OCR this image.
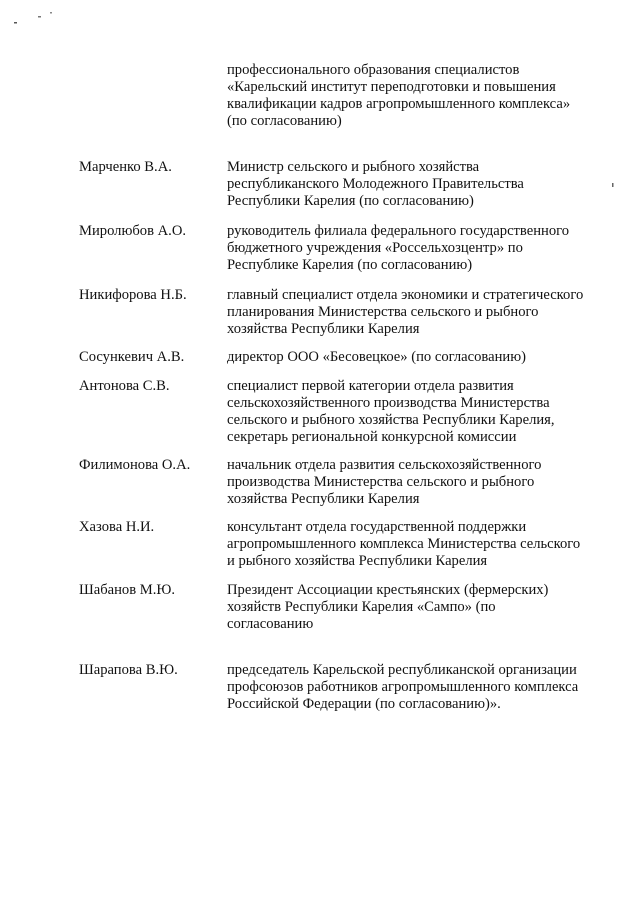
профессионального образования специалистов
«Карельский институт переподготовки и повышения
квалификации кадров агропромышленного комплекса»
(по согласованию)
Марченко В.А.	Министр сельского и рыбного хозяйства
республиканского Молодежного Правительства
Республики Карелия (по согласованию)
Миролюбов А.О.	руководитель филиала федерального государственного
бюджетного учреждения «Россельхозцентр» по
Республике Карелия (по согласованию)
Никифорова Н.Б.	главный специалист отдела экономики и стратегического
планирования Министерства сельского и рыбного
хозяйства Республики Карелия
Сосункевич А.В.	директор ООО «Бесовецкое» (по согласованию)
Антонова С.В.	специалист первой категории отдела развития
сельскохозяйственного производства Министерства
сельского и рыбного хозяйства Республики Карелия,
секретарь региональной конкурсной комиссии
Филимонова О.А.	начальник отдела развития сельскохозяйственного
производства Министерства сельского и рыбного
хозяйства Республики Карелия
Хазова Н.И.	консультант отдела государственной поддержки
агропромышленного комплекса Министерства сельского
и рыбного хозяйства Республики Карелия
Шабанов М.Ю.	Президент Ассоциации крестьянских (фермерских)
хозяйств Республики Карелия «Сампо» (по
согласованию
Шарапова В.Ю.	председатель Карельской республиканской организации
профсоюзов работников агропромышленного комплекса
Российской Федерации (по согласованию)».
